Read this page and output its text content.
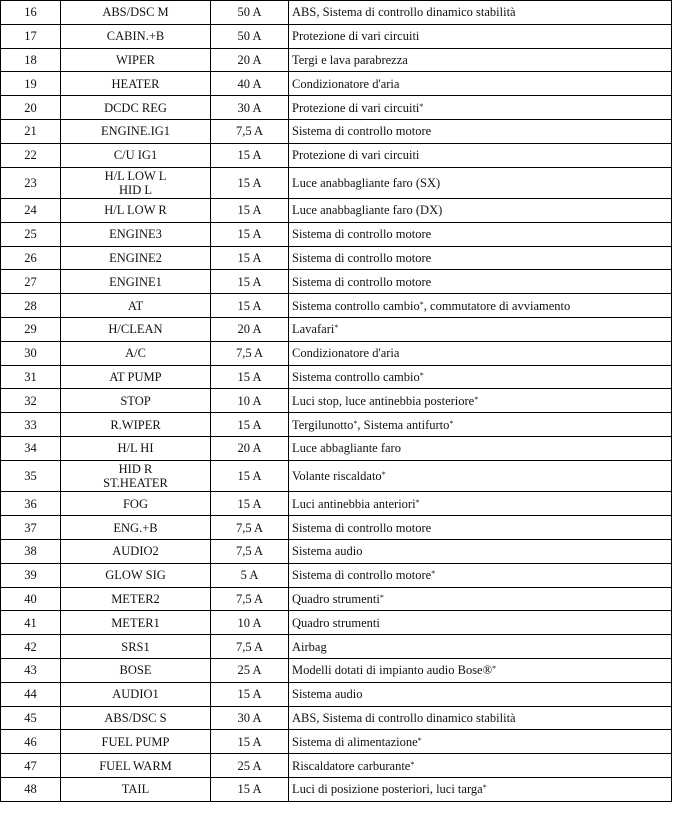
16	ABS/DSC M	50 A	ABS, Sistema di controllo dinamico stabilità
17	CABIN.+B	50 A	Protezione di vari circuiti
18	WIPER	20 A	Tergi e lava parabrezza
19	HEATER	40 A	Condizionatore d'aria
20	DCDC REG	30 A	Protezione di vari circuiti*
21	ENGINE.IG1	7,5 A	Sistema di controllo motore
22	C/U IG1	15 A	Protezione di vari circuiti
23	H/L LOW L
HID L	15 A	Luce anabbagliante faro (SX)
24	H/L LOW R	15 A	Luce anabbagliante faro (DX)
25	ENGINE3	15 A	Sistema di controllo motore
26	ENGINE2	15 A	Sistema di controllo motore
27	ENGINE1	15 A	Sistema di controllo motore
28	AT	15 A	Sistema controllo cambio*, commutatore di avviamento
29	H/CLEAN	20 A	Lavafari*
30	A/C	7,5 A	Condizionatore d'aria
31	AT PUMP	15 A	Sistema controllo cambio*
32	STOP	10 A	Luci stop, luce antinebbia posteriore*
33	R.WIPER	15 A	Tergilunotto*, Sistema antifurto*
34	H/L HI	20 A	Luce abbagliante faro
35	HID R
ST.HEATER	15 A	Volante riscaldato*
36	FOG	15 A	Luci antinebbia anteriori*
37	ENG.+B	7,5 A	Sistema di controllo motore
38	AUDIO2	7,5 A	Sistema audio
39	GLOW SIG	5 A	Sistema di controllo motore*
40	METER2	7,5 A	Quadro strumenti*
41	METER1	10 A	Quadro strumenti
42	SRS1	7,5 A	Airbag
43	BOSE	25 A	Modelli dotati di impianto audio Bose®*
44	AUDIO1	15 A	Sistema audio
45	ABS/DSC S	30 A	ABS, Sistema di controllo dinamico stabilità
46	FUEL PUMP	15 A	Sistema di alimentazione*
47	FUEL WARM	25 A	Riscaldatore carburante*
48	TAIL	15 A	Luci di posizione posteriori, luci targa*
